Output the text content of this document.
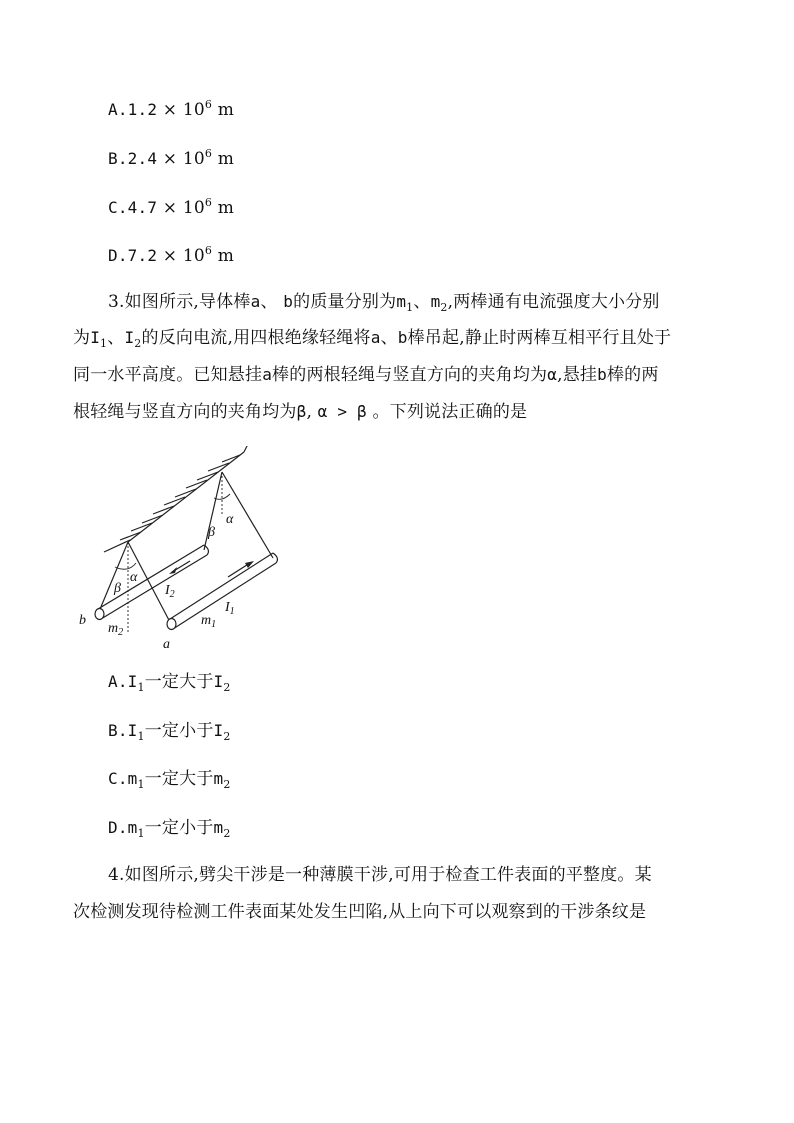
$A.1.2 \times 10^6$ m
$B.2.4 \times 10^6$ m
$C.4.7 \times 10^6$ m
$D.7.2 \times 10^6$ m
3.如图所示,导体棒a、 b的质量分别为$m_1$、$m_2$,两棒通有电流强度大小分别
为$I_1$、$I_2$的反向电流,用四根绝缘轻绳将a、b棒吊起,静止时两棒互相平行且处于
同一水平高度。已知悬挂a棒的两根轻绳与竖直方向的夹角均为α,悬挂b棒的两
根轻绳与竖直方向的夹角均为β, α > β 。下列说法正确的是
α
β
α
β
$I_2$
$I_1$
$m_1$
$m_2$
b
a
$A.I_1$一定大于$I_2$
$B.I_1$一定小于$I_2$
$C.m_1$一定大于$m_2$
$D.m_1$一定小于$m_2$
4.如图所示,劈尖干涉是一种薄膜干涉,可用于检查工件表面的平整度。某
次检测发现待检测工件表面某处发生凹陷,从上向下可以观察到的干涉条纹是
